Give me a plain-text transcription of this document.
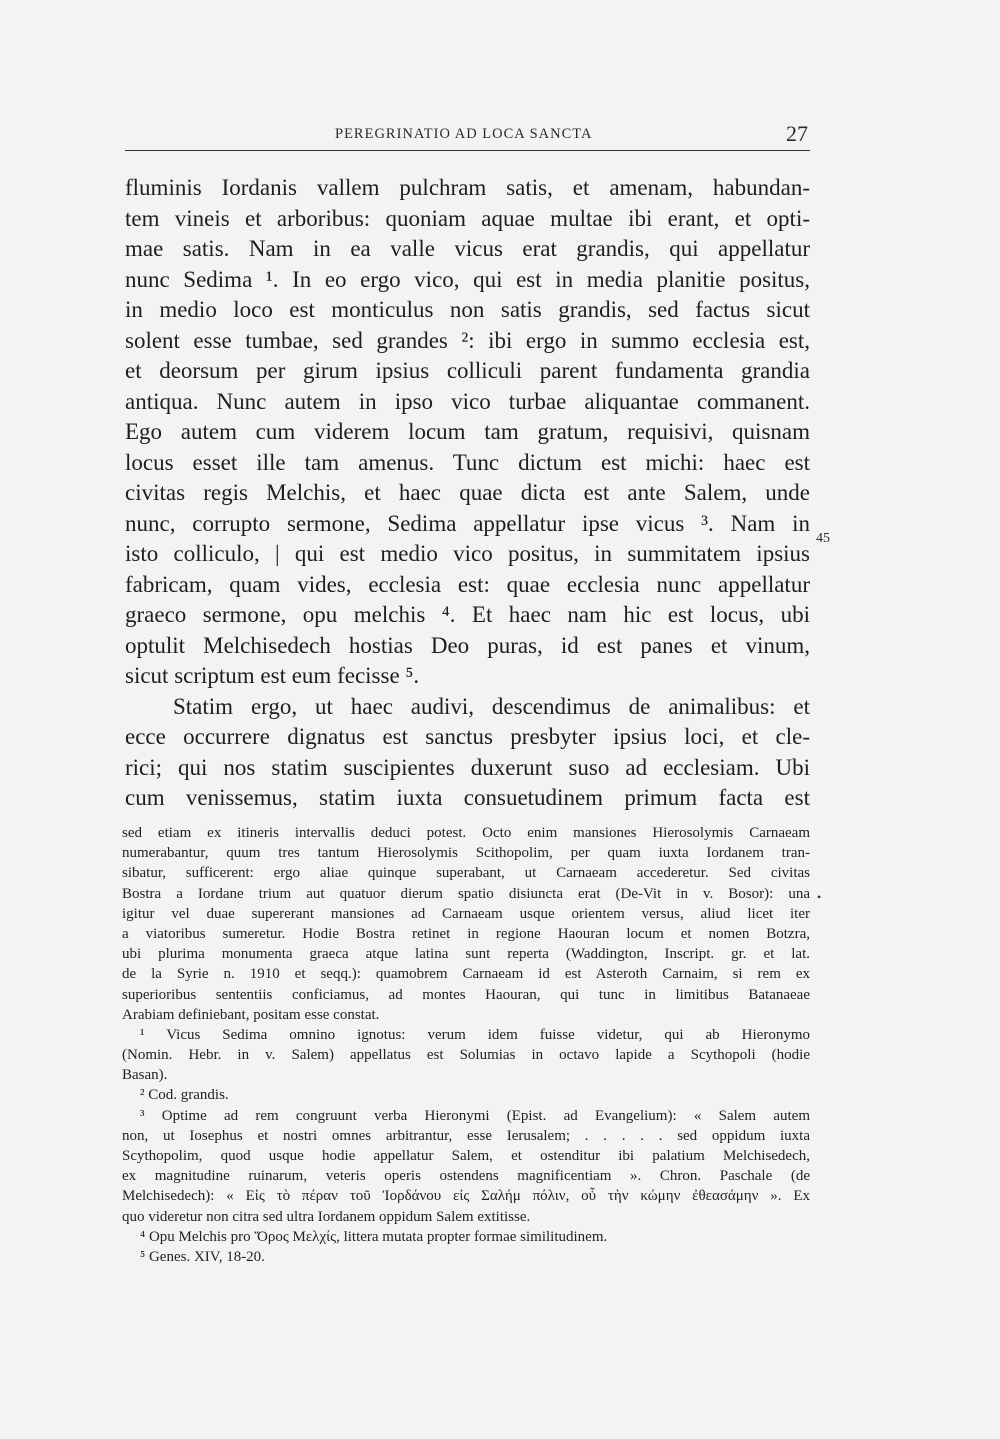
PEREGRINATIO AD LOCA SANCTA	27
fluminis Iordanis vallem pulchram satis, et amenam, habundan-
tem vineis et arboribus: quoniam aquae multae ibi erant, et opti-
mae satis. Nam in ea valle vicus erat grandis, qui appellatur
nunc Sedima ¹. In eo ergo vico, qui est in media planitie positus,
in medio loco est monticulus non satis grandis, sed factus sicut
solent esse tumbae, sed grandes ²: ibi ergo in summo ecclesia est,
et deorsum per girum ipsius colliculi parent fundamenta grandia
antiqua. Nunc autem in ipso vico turbae aliquantae commanent.
Ego autem cum viderem locum tam gratum, requisivi, quisnam
locus esset ille tam amenus. Tunc dictum est michi: haec est
civitas regis Melchis, et haec quae dicta est ante Salem, unde
nunc, corrupto sermone, Sedima appellatur ipse vicus ³. Nam in
isto colliculo, | qui est medio vico positus, in summitatem ipsius
fabricam, quam vides, ecclesia est: quae ecclesia nunc appellatur
graeco sermone, opu melchis ⁴. Et haec nam hic est locus, ubi
optulit Melchisedech hostias Deo puras, id est panes et vinum,
sicut scriptum est eum fecisse ⁵.
Statim ergo, ut haec audivi, descendimus de animalibus: et
ecce occurrere dignatus est sanctus presbyter ipsius loci, et cle-
rici; qui nos statim suscipientes duxerunt suso ad ecclesiam. Ubi
cum venissemus, statim iuxta consuetudinem primum facta est
45
sed etiam ex itineris intervallis deduci potest. Octo enim mansiones Hierosolymis Carnaeam
numerabantur, quum tres tantum Hierosolymis Scithopolim, per quam iuxta Iordanem tran-
sibatur, sufficerent: ergo aliae quinque superabant, ut Carnaeam accederetur. Sed civitas
Bostra a Iordane trium aut quatuor dierum spatio disiuncta erat (De-Vit in v. Bosor): una
igitur vel duae supererant mansiones ad Carnaeam usque orientem versus, aliud licet iter
a viatoribus sumeretur. Hodie Bostra retinet in regione Haouran locum et nomen Botzra,
ubi plurima monumenta graeca atque latina sunt reperta (Waddington, Inscript. gr. et lat.
de la Syrie n. 1910 et seqq.): quamobrem Carnaeam id est Asteroth Carnaim, si rem ex
superioribus sententiis conficiamus, ad montes Haouran, qui tunc in limitibus Batanaeae
Arabiam definiebant, positam esse constat.
¹ Vicus Sedima omnino ignotus: verum idem fuisse videtur, qui ab Hieronymo
(Nomin. Hebr. in v. Salem) appellatus est Solumias in octavo lapide a Scythopoli (hodie
Basan).
² Cod. grandis.
³ Optime ad rem congruunt verba Hieronymi (Epist. ad Evangelium): « Salem autem
non, ut Iosephus et nostri omnes arbitrantur, esse Ierusalem; . . . . . sed oppidum iuxta
Scythopolim, quod usque hodie appellatur Salem, et ostenditur ibi palatium Melchisedech,
ex magnitudine ruinarum, veteris operis ostendens magnificentiam ». Chron. Paschale (de
Melchisedech): « Εἰς τὸ πέραν τοῦ Ἰορδάνου εἰς Σαλήμ πόλιν, οὗ τὴν κώμην ἐθεασάμην ». Ex
quo videretur non citra sed ultra Iordanem oppidum Salem extitisse.
⁴ Opu Melchis pro Ὄρος Μελχίς, littera mutata propter formae similitudinem.
⁵ Genes. XIV, 18-20.
•
